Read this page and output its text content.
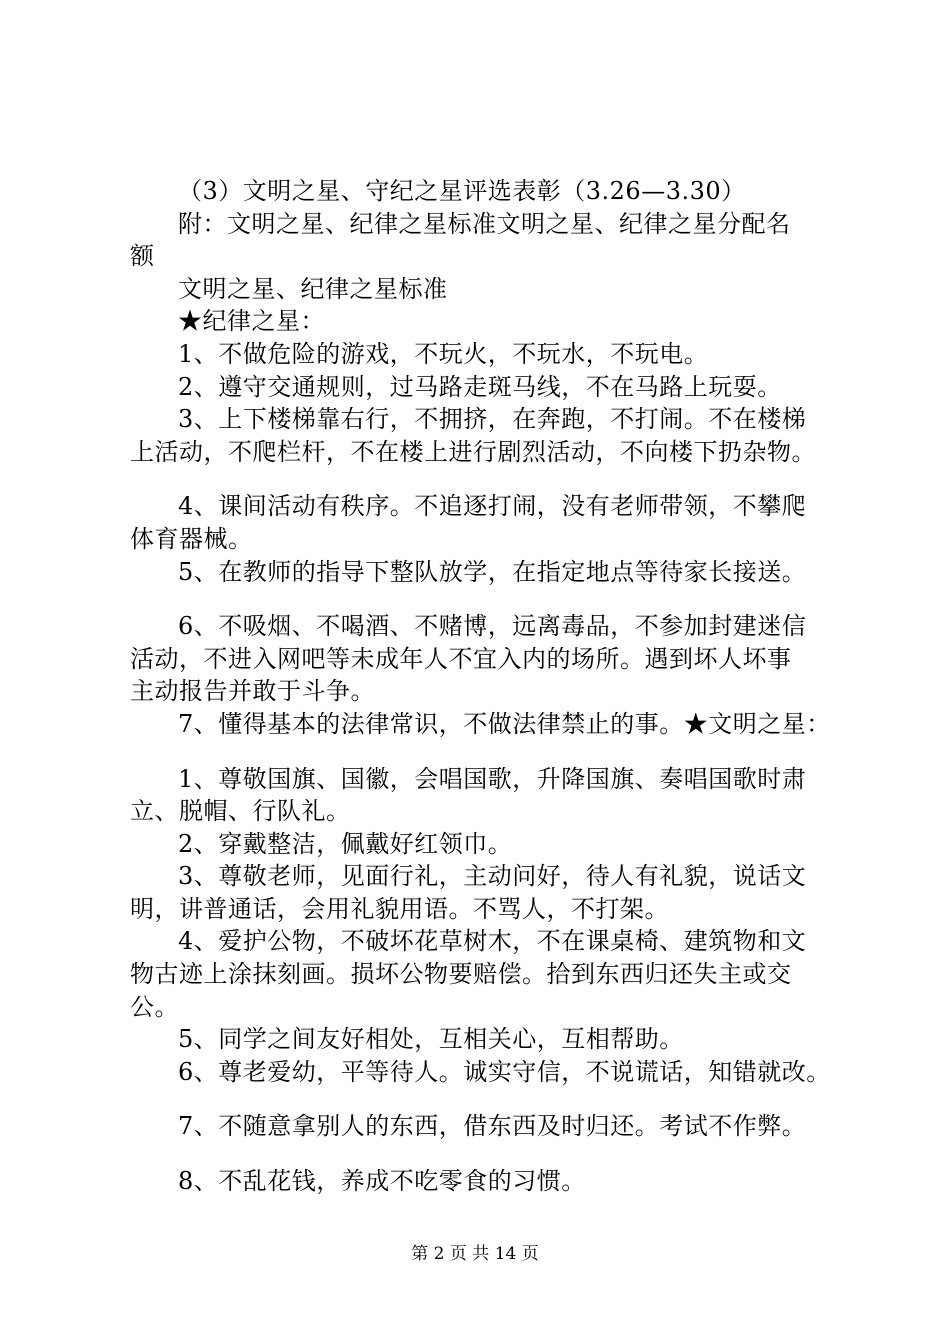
（3）文明之星、守纪之星评选表彰（3.26—3.30）
附：文明之星、纪律之星标准文明之星、纪律之星分配名
额
文明之星、纪律之星标准
★纪律之星：
1、不做危险的游戏，不玩火，不玩水，不玩电。
2、遵守交通规则，过马路走斑马线，不在马路上玩耍。
3、上下楼梯靠右行，不拥挤，在奔跑，不打闹。不在楼梯
上活动，不爬栏杆，不在楼上进行剧烈活动，不向楼下扔杂物。
4、课间活动有秩序。不追逐打闹，没有老师带领，不攀爬
体育器械。
5、在教师的指导下整队放学，在指定地点等待家长接送。
6、不吸烟、不喝酒、不赌博，远离毒品，不参加封建迷信
活动，不进入网吧等未成年人不宜入内的场所。遇到坏人坏事
主动报告并敢于斗争。
7、懂得基本的法律常识，不做法律禁止的事。★文明之星：
1、尊敬国旗、国徽，会唱国歌，升降国旗、奏唱国歌时肃
立、脱帽、行队礼。
2、穿戴整洁，佩戴好红领巾。
3、尊敬老师，见面行礼，主动问好，待人有礼貌，说话文
明，讲普通话，会用礼貌用语。不骂人，不打架。
4、爱护公物，不破坏花草树木，不在课桌椅、建筑物和文
物古迹上涂抹刻画。损坏公物要赔偿。拾到东西归还失主或交
公。
5、同学之间友好相处，互相关心，互相帮助。
6、尊老爱幼，平等待人。诚实守信，不说谎话，知错就改。
7、不随意拿别人的东西，借东西及时归还。考试不作弊。
8、不乱花钱，养成不吃零食的习惯。
第 2 页 共 14 页
